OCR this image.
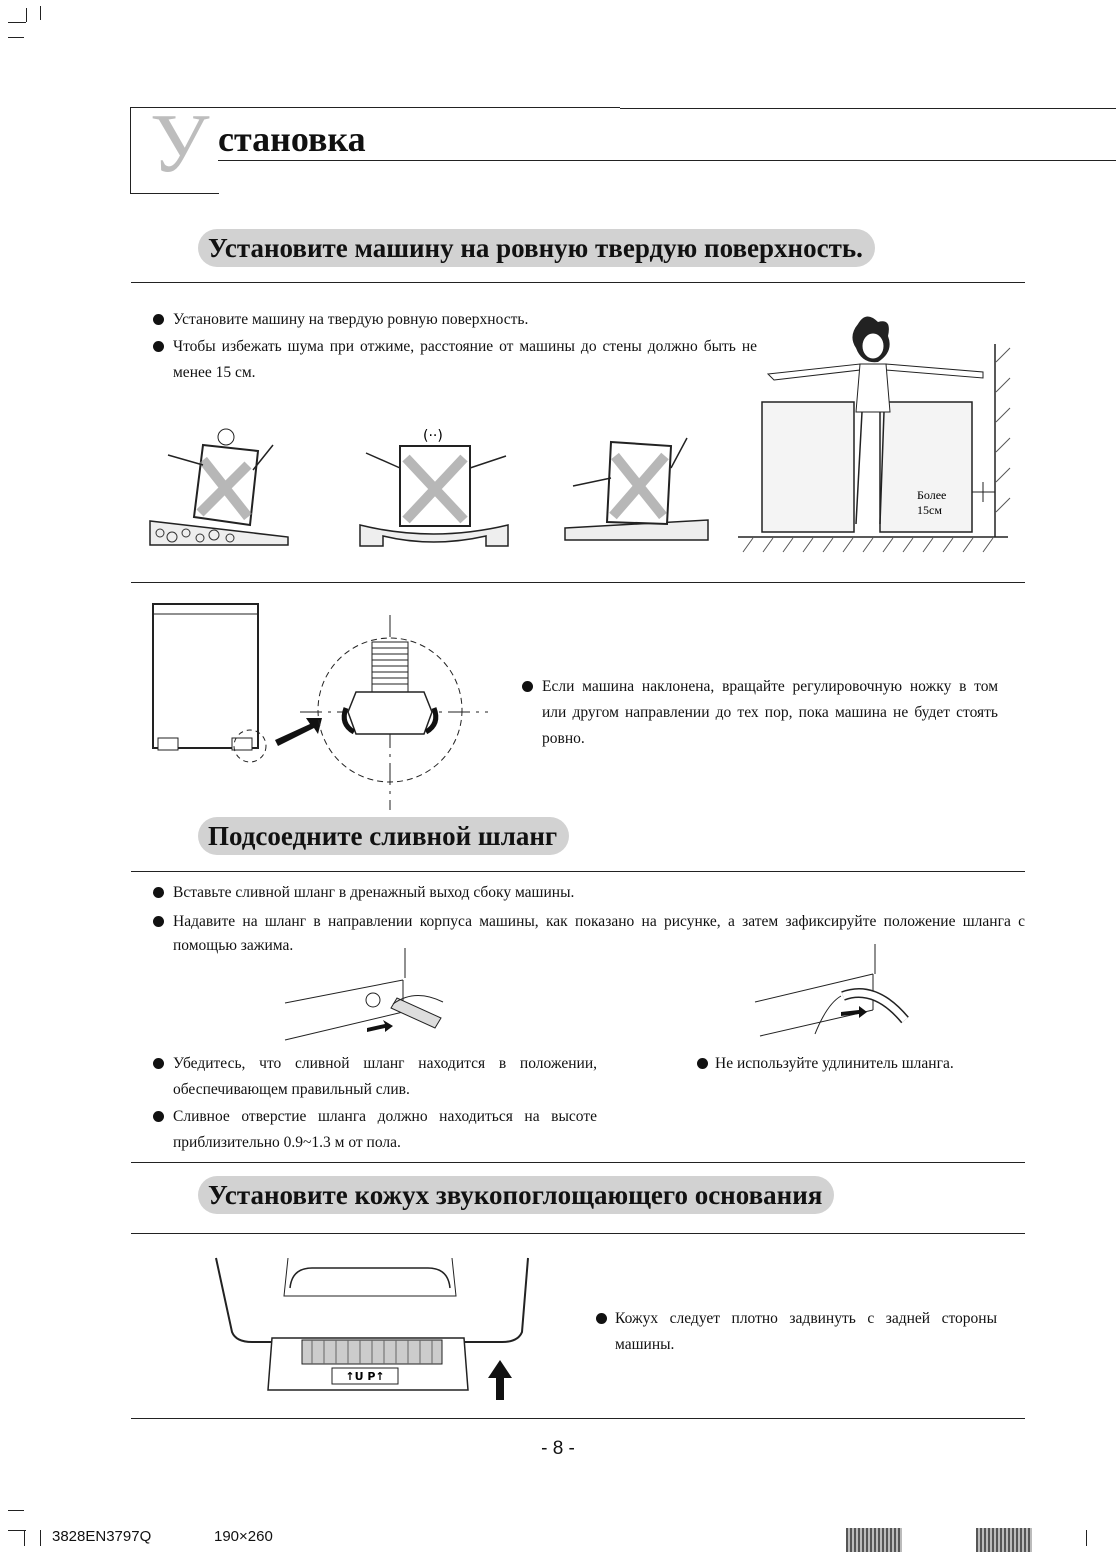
У становка
Установите машину на ровную твердую поверхность.
Установите машину на твердую ровную поверхность.
Чтобы избежать шума при отжиме, расстояние от машины до стены должно быть не менее 15 см.
(··)
Более
15см
Если машина наклонена, вращайте регулировочную ножку в том или другом направлении до тех пор, пока машина не будет стоять ровно.
Подсоедните сливной шланг
Вставьте сливной шланг в дренажный выход сбоку машины.
Надавите на шланг в направлении корпуса машины, как показано на рисунке, а затем зафиксируйте положение шланга с помощью зажима.
Убедитесь, что сливной шланг находится в положении, обеспечивающем правильный слив.
Сливное отверстие шланга должно находиться на высоте приблизительно 0.9~1.3 м от пола.
Не используйте удлинитель шланга.
Установите кожух звукопоглощающего основания
↑U P↑
Кожух следует плотно задвинуть с задней стороны машины.
- 8 -
3828EN3797Q	190×260
